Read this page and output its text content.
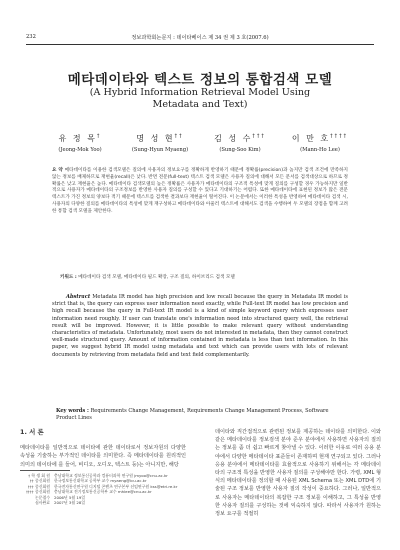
232	정보과학회논문지 : 데이타베이스 제 34 권 제 3 호(2007.6)
메타데이타와 텍스트 정보의 통합검색 모델
(A Hybrid Information Retrieval Model Using
Metadata and Text)
유 정 목†
(Jeong-Mok Yoo)
명 성 현††
(Sung-Hyun Myaeng)
김 성 수†††
(Sung-Soo Kim)
이 만 호††††
(Mann-Ho Lee)
요 약 메타데이타를 이용한 검색모델은 질의에 사용자의 정보요구를 정확하게 반영하기 때문에 정확률(precision)과 높지만 검색 조건에 만족하지 않는 정보를 배제하므로 재현율(recall)은 낮다. 반면 전문(full-text) 텍스트 검색 모델은 사용자 질의에 대해서 모든 문서를 검색대상으로 하므로 정확률은 낮고 재현율은 높다. 메타데이타 검색모델의 높은 정확률은 사용자가 메타데이타의 구조적 특성에 맞게 질의를 구성할 경우 가능하지만 일반적으로 사용자가 메타데이타의 구조정보를 반영한 사용자 질의를 구성할 수 있다고 기대하기는 어렵다. 또한 메타데이타에 표현된 정보가 많은 전문 텍스트가 가진 정보의 양보다 적기 때문에 텍스트를 검색한 결과보다 재현율이 떨어진다. 이 논문에서는 이러한 특성을 반영하여 메타데이타 검색 시, 사용자의 다양한 질의를 메타데이타의 특성에 맞게 재구성하고 메타데이타와 아울러 텍스트에 대해서도 검색을 수행하여 두 모델의 장점을 함께 고려한 통합 검색 모델을 제안한다.
키워드 : 메타데이타 검색 모델, 메타데이타 필드 확장, 구조 질의, 하이브리드 검색 모델
Abstract Metadata IR model has high precision and low recall because the query in Metadata IR model is strict that is, the query can express user information need exactly, while Full-text IR model has low precision and high recall because the query in Full-text IR model is a kind of simple keyword query which expresses user information need roughly. If user can translate one's information need into structured query well, the retrieval result will be improved. However, it is little possible to make relevant query without understanding characteristics of metadata. Unfortunately, most users do not interested in metadata, then they cannot construct well-made structured query. Amount of information contained in metadata is less than text information. In this paper, we suggest hybrid IR model using metadata and text which can provide users with lots of relevant documents by retrieving from metadata field and text field complementarily.
Key words : Requirements Change Management, Requirements Change Management Process, Software Product Lines
1. 서 론
메타데이타를 일반적으로 데이타에 관한 데이타로서 정보자원의 다양한 속성을 기술하는 부가적인 데이타를 의미한다. 즉 메타데이타를 원리적인 의미의 데이타에 를 들어, 비디오, 오디오, 텍스트 등)는 아니지만, 해당
데이타와 직간접적으로 관련된 정보를 제공하는 데이타를 의미한다. 이와 같은 메타데이타를 정보검색 분야 준우 분야에서 사용하면 사용자의 질의는 정보를 좀 더 쉽고 빠르게 찾아낼 수 있다. 이러한 이유로 여러 응용 분야에서 다양한 메타데이타 표준들이 존재하며 현재 연구되고 있다. 그러나 응용 분야에서 메타데이타를 효율적으로 사용하기 위해서는 각 메타데이타의 구조적 특성을 반영한 사용자 질의를 구성해야만 한다. 가령, XML 형식의 메타데이타를 정의할 때 사용된 XML Schema 또는 XML DTD에 기술된 구조 정보를 반영한 사용자 질의 작성이 중요하다. 그러나, 일반적으로 사용자는 메타데이타의 복잡한 구조 정보를 이해하고, 그 특성을 반영한 사용자 질의를 구성하는 것에 익숙하지 않다. 따라서 사용자가 원하는 정보 요구를 적절히
† 학 생 회 원	충남대학교 정보통신공학과 컴퓨터과학 연구원 jmyoo@cnu.ac.kr
†† 종신회원	한국정보통신대학교 공학부 교수 myaeng@icu.ac.kr
††† 종신회원	한국전자통신연구원 디지털 콘텐츠 연구본부 선임연구원 kss@etri.re.kr
†††† 종신회원	충남대학교 전기정보통신공학부 교수 mhlee@cnu.ac.kr
논문접수	2006년 5월 19일
심사완료	2007년 3월 28일
